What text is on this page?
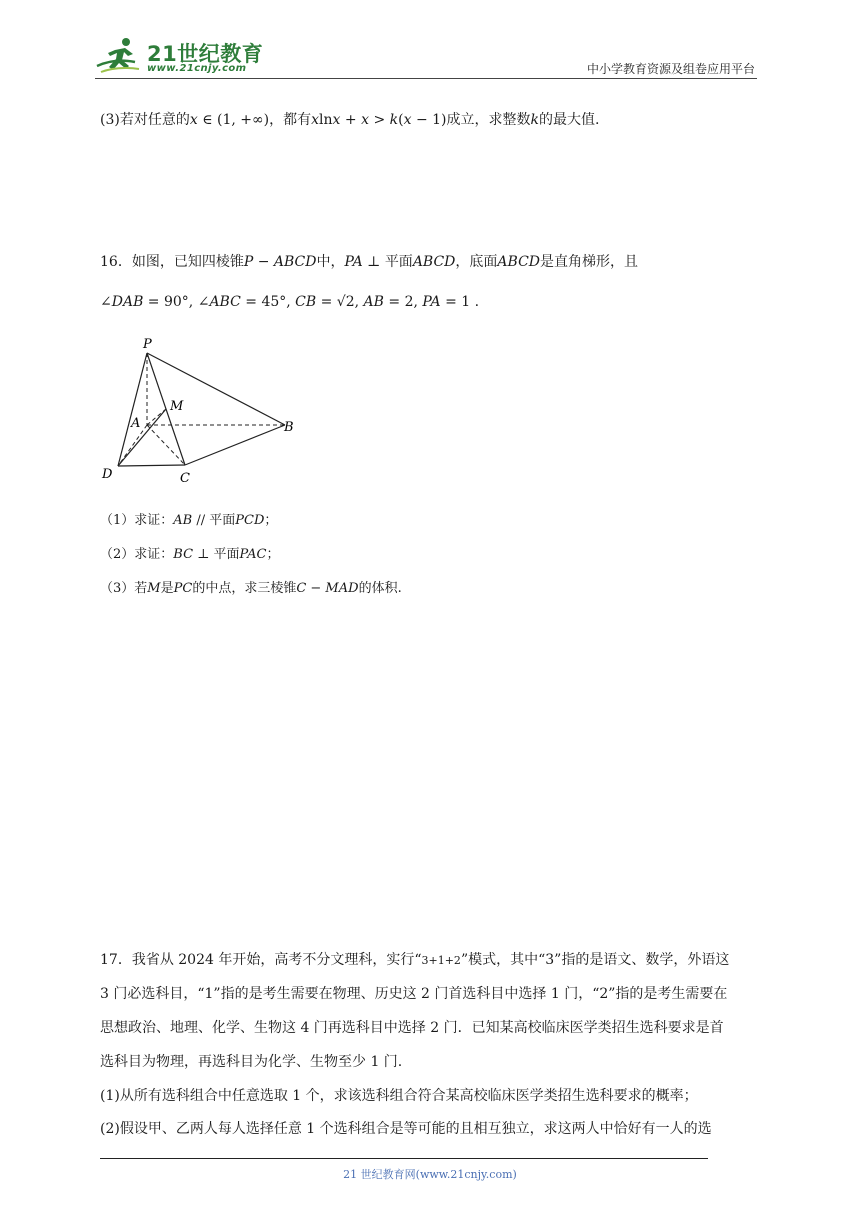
21世纪教育
www.21cnjy.com	中小学教育资源及组卷应用平台
(3)若对任意的x ∈ (1, +∞)，都有xlnx + x > k(x − 1)成立，求整数k的最大值.
16．如图，已知四棱锥P − ABCD中，PA ⊥ 平面ABCD，底面ABCD是直角梯形，且
∠DAB = 90°, ∠ABC = 45°, CB = √2, AB = 2, PA = 1 .
P
M
A	B
D	C
（1）求证：AB // 平面PCD；
（2）求证：BC ⊥ 平面PAC；
（3）若M是PC的中点，求三棱锥C − MAD的体积.
17．我省从 2024 年开始，高考不分文理科，实行“3+1+2”模式，其中“3”指的是语文、数学，外语这
3 门必选科目，“1”指的是考生需要在物理、历史这 2 门首选科目中选择 1 门，“2”指的是考生需要在
思想政治、地理、化学、生物这 4 门再选科目中选择 2 门．已知某高校临床医学类招生选科要求是首
选科目为物理，再选科目为化学、生物至少 1 门.
(1)从所有选科组合中任意选取 1 个，求该选科组合符合某高校临床医学类招生选科要求的概率；
(2)假设甲、乙两人每人选择任意 1 个选科组合是等可能的且相互独立，求这两人中恰好有一人的选
21 世纪教育网(www.21cnjy.com)
